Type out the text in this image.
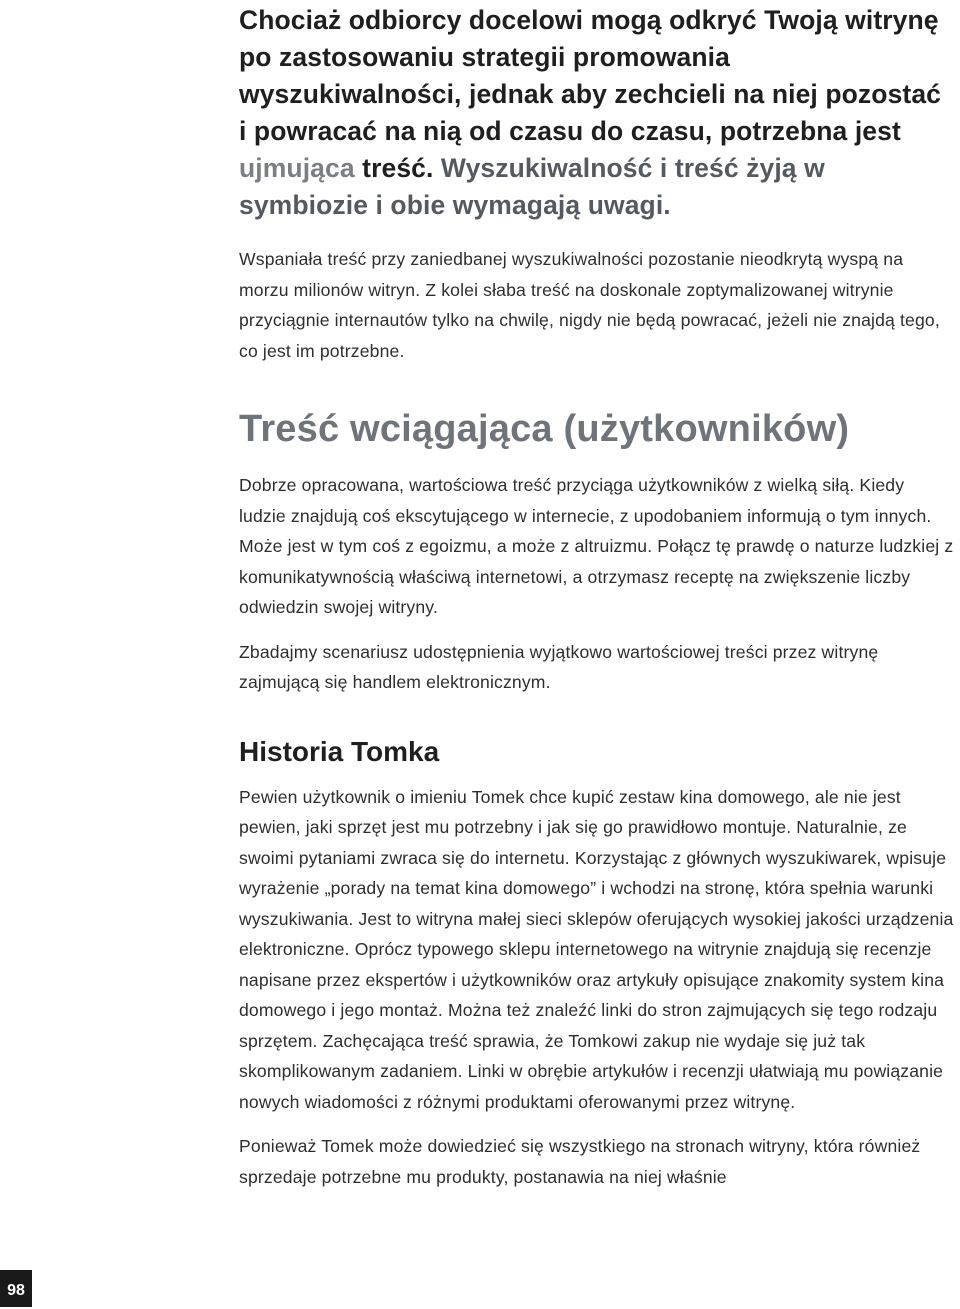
Chociaż odbiorcy docelowi mogą odkryć Twoją witrynę po zastosowaniu strategii promowania wyszukiwalności, jednak aby zechcieli na niej pozostać i powracać na nią od czasu do czasu, potrzebna jest ujmująca treść. Wyszukiwalność i treść żyją w symbiozie i obie wymagają uwagi.

Wspaniała treść przy zaniedbanej wyszukiwalności pozostanie nieodkrytą wyspą na morzu milionów witryn. Z kolei słaba treść na doskonale zoptymalizowanej witrynie przyciągnie internautów tylko na chwilę, nigdy nie będą powracać, jeżeli nie znajdą tego, co jest im potrzebne.

Treść wciągająca (użytkowników)

Dobrze opracowana, wartościowa treść przyciąga użytkowników z wielką siłą. Kiedy ludzie znajdują coś ekscytującego w internecie, z upodobaniem informują o tym innych. Może jest w tym coś z egoizmu, a może z altruizmu. Połącz tę prawdę o naturze ludzkiej z komunikatywnością właściwą internetowi, a otrzymasz receptę na zwiększenie liczby odwiedzin swojej witryny.

Zbadajmy scenariusz udostępnienia wyjątkowo wartościowej treści przez witrynę zajmującą się handlem elektronicznym.

Historia Tomka

Pewien użytkownik o imieniu Tomek chce kupić zestaw kina domowego, ale nie jest pewien, jaki sprzęt jest mu potrzebny i jak się go prawidłowo montuje. Naturalnie, ze swoimi pytaniami zwraca się do internetu. Korzystając z głównych wyszukiwarek, wpisuje wyrażenie „porady na temat kina domowego” i wchodzi na stronę, która spełnia warunki wyszukiwania. Jest to witryna małej sieci sklepów oferujących wysokiej jakości urządzenia elektroniczne. Oprócz typowego sklepu internetowego na witrynie znajdują się recenzje napisane przez ekspertów i użytkowników oraz artykuły opisujące znakomity system kina domowego i jego montaż. Można też znaleźć linki do stron zajmujących się tego rodzaju sprzętem. Zachęcająca treść sprawia, że Tomkowi zakup nie wydaje się już tak skomplikowanym zadaniem. Linki w obrębie artykułów i recenzji ułatwiają mu powiązanie nowych wiadomości z różnymi produktami oferowanymi przez witrynę.

Ponieważ Tomek może dowiedzieć się wszystkiego na stronach witryny, która również sprzedaje potrzebne mu produkty, postanawia na niej właśnie

98
